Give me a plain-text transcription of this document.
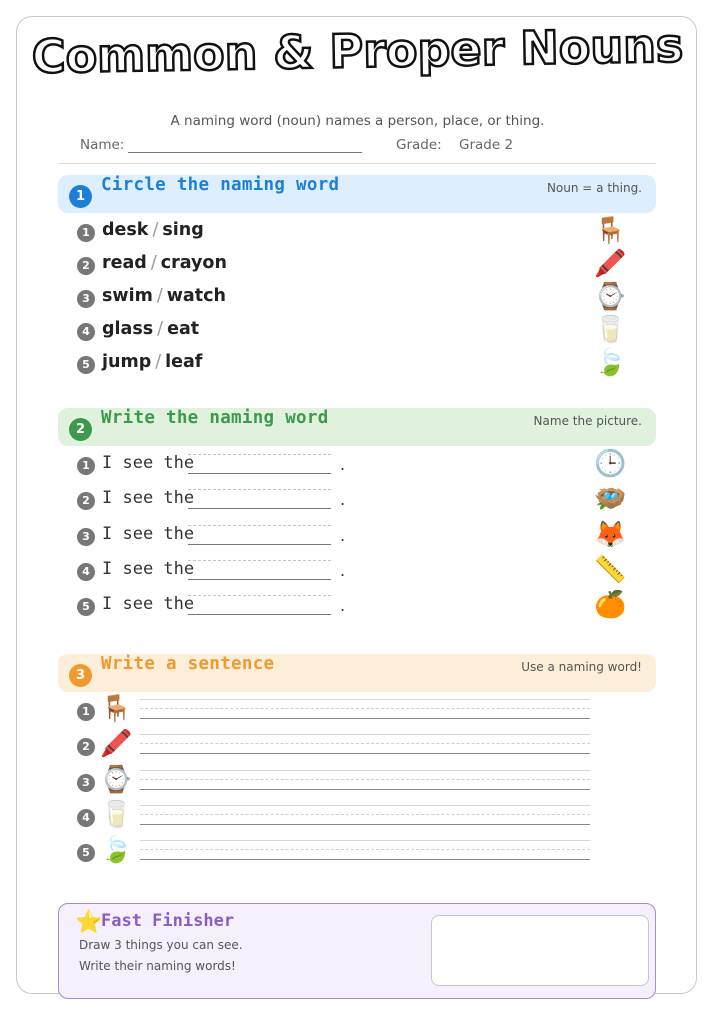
Common & Proper Nouns
A naming word (noun) names a person, place, or thing.
Name:	Grade: Grade 2
1
Circle the naming word	Noun = a thing.
1 desk / sing	🪑
2 read / crayon	🖍️
3 swim / watch	⌚
4 glass / eat	🥛
5 jump / leaf	🍃
2
Write the naming word	Name the picture.
1 I see the	.	🕒
2 I see the	.	🪺
3 I see the	.	🦊
4 I see the	.	📏
5 I see the	.	🍊
3
Write a sentence	Use a naming word!
1 🪑
2 🖍️
3 ⌚
4 🥛
5 🍃
⭐
Fast Finisher
Draw 3 things you can see.
Write their naming words!
